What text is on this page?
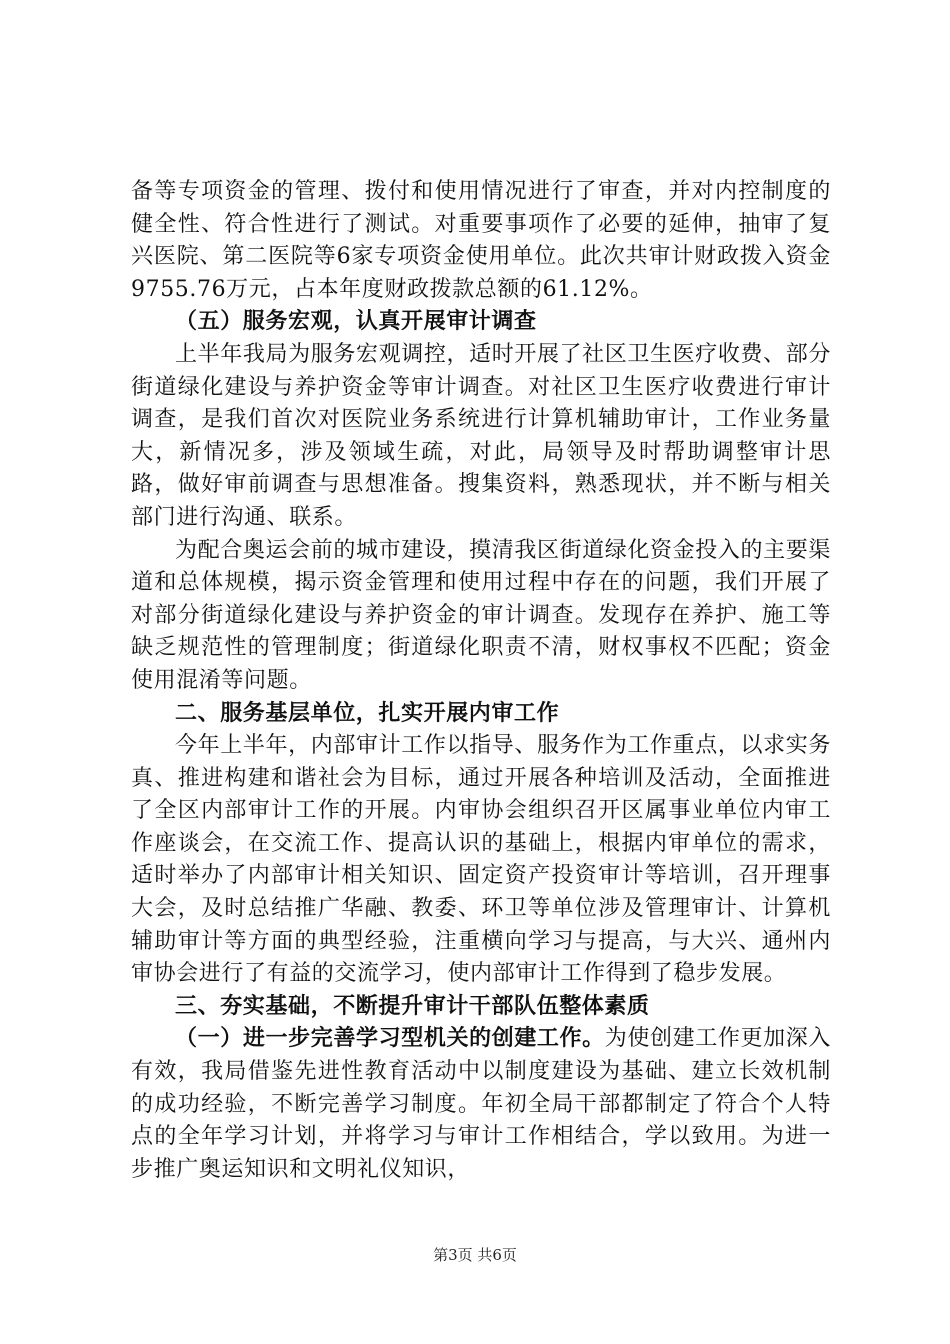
备等专项资金的管理、拨付和使用情况进行了审查，并对内控制度的健全性、符合性进行了测试。对重要事项作了必要的延伸，抽审了复兴医院、第二医院等6家专项资金使用单位。此次共审计财政拨入资金9755.76万元，占本年度财政拨款总额的61.12%。

（五）服务宏观，认真开展审计调查

上半年我局为服务宏观调控，适时开展了社区卫生医疗收费、部分街道绿化建设与养护资金等审计调查。对社区卫生医疗收费进行审计调查，是我们首次对医院业务系统进行计算机辅助审计，工作业务量大，新情况多，涉及领域生疏，对此，局领导及时帮助调整审计思路，做好审前调查与思想准备。搜集资料，熟悉现状，并不断与相关部门进行沟通、联系。

为配合奥运会前的城市建设，摸清我区街道绿化资金投入的主要渠道和总体规模，揭示资金管理和使用过程中存在的问题，我们开展了对部分街道绿化建设与养护资金的审计调查。发现存在养护、施工等缺乏规范性的管理制度；街道绿化职责不清，财权事权不匹配；资金使用混淆等问题。

二、服务基层单位，扎实开展内审工作

今年上半年，内部审计工作以指导、服务作为工作重点，以求实务真、推进构建和谐社会为目标，通过开展各种培训及活动，全面推进了全区内部审计工作的开展。内审协会组织召开区属事业单位内审工作座谈会，在交流工作、提高认识的基础上，根据内审单位的需求，适时举办了内部审计相关知识、固定资产投资审计等培训，召开理事大会，及时总结推广华融、教委、环卫等单位涉及管理审计、计算机辅助审计等方面的典型经验，注重横向学习与提高，与大兴、通州内审协会进行了有益的交流学习，使内部审计工作得到了稳步发展。

三、夯实基础，不断提升审计干部队伍整体素质

（一）进一步完善学习型机关的创建工作。为使创建工作更加深入有效，我局借鉴先进性教育活动中以制度建设为基础、建立长效机制的成功经验，不断完善学习制度。年初全局干部都制定了符合个人特点的全年学习计划，并将学习与审计工作相结合，学以致用。为进一步推广奥运知识和文明礼仪知识，

第3页 共6页
